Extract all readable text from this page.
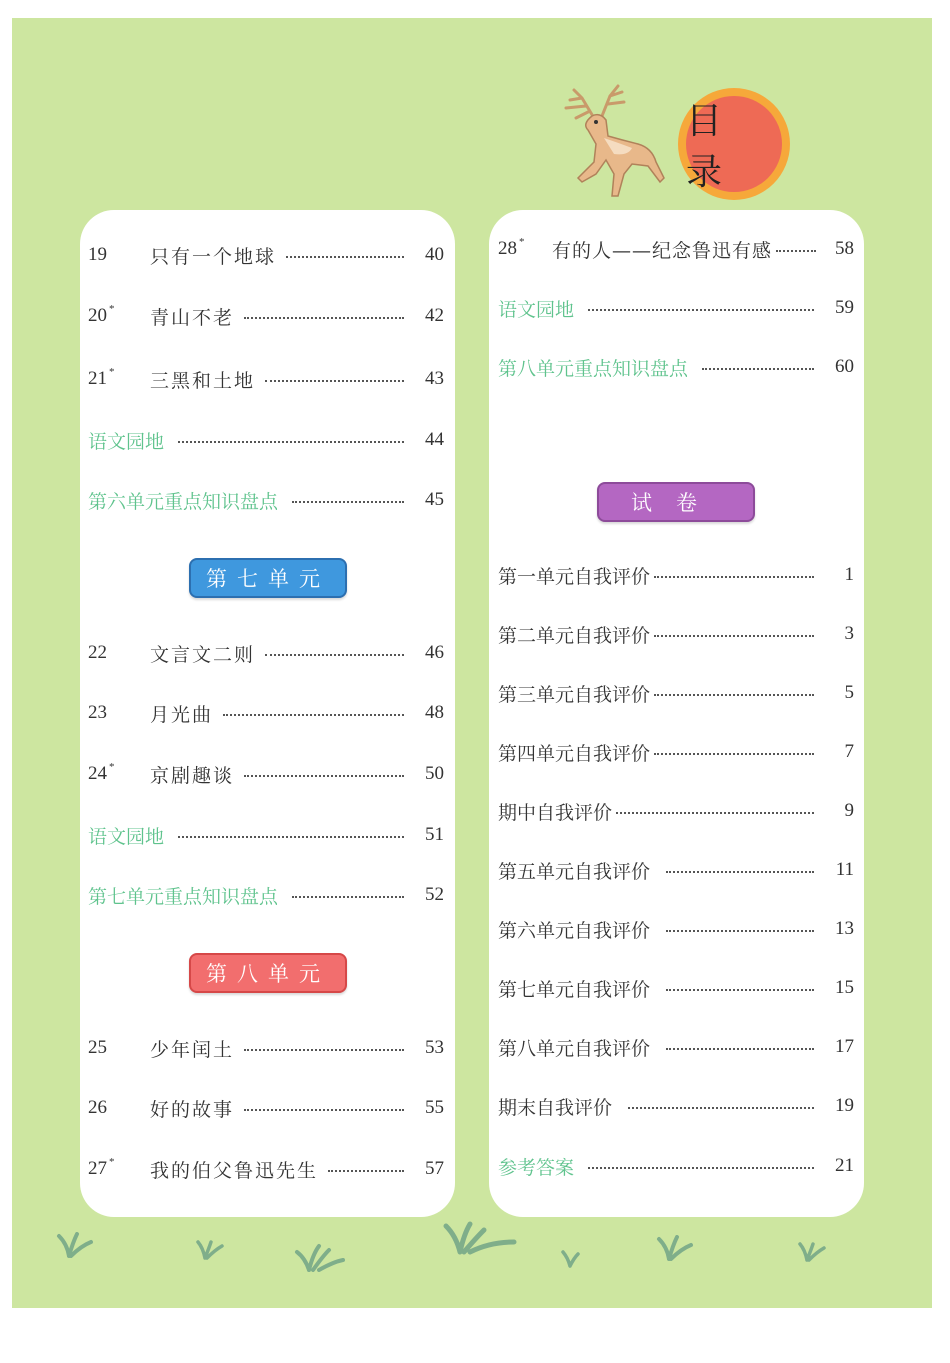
目 录
19	只有一个地球	40
20 * 青山不老	42
21 * 三黑和土地	43
语文园地	44
第六单元重点知识盘点	45
第七单元
22	文言文二则	46
23	月光曲	48
24 * 京剧趣谈	50
语文园地	51
第七单元重点知识盘点	52
第八单元
25	少年闰土	53
26	好的故事	55
27 * 我的伯父鲁迅先生	57
28 * 有的人——纪念鲁迅有感	58
语文园地	59
第八单元重点知识盘点	60
试卷
第一单元自我评价	1
第二单元自我评价	3
第三单元自我评价	5
第四单元自我评价	7
期中自我评价	9
第五单元自我评价	11
第六单元自我评价	13
第七单元自我评价	15
第八单元自我评价	17
期末自我评价	19
参考答案	21
